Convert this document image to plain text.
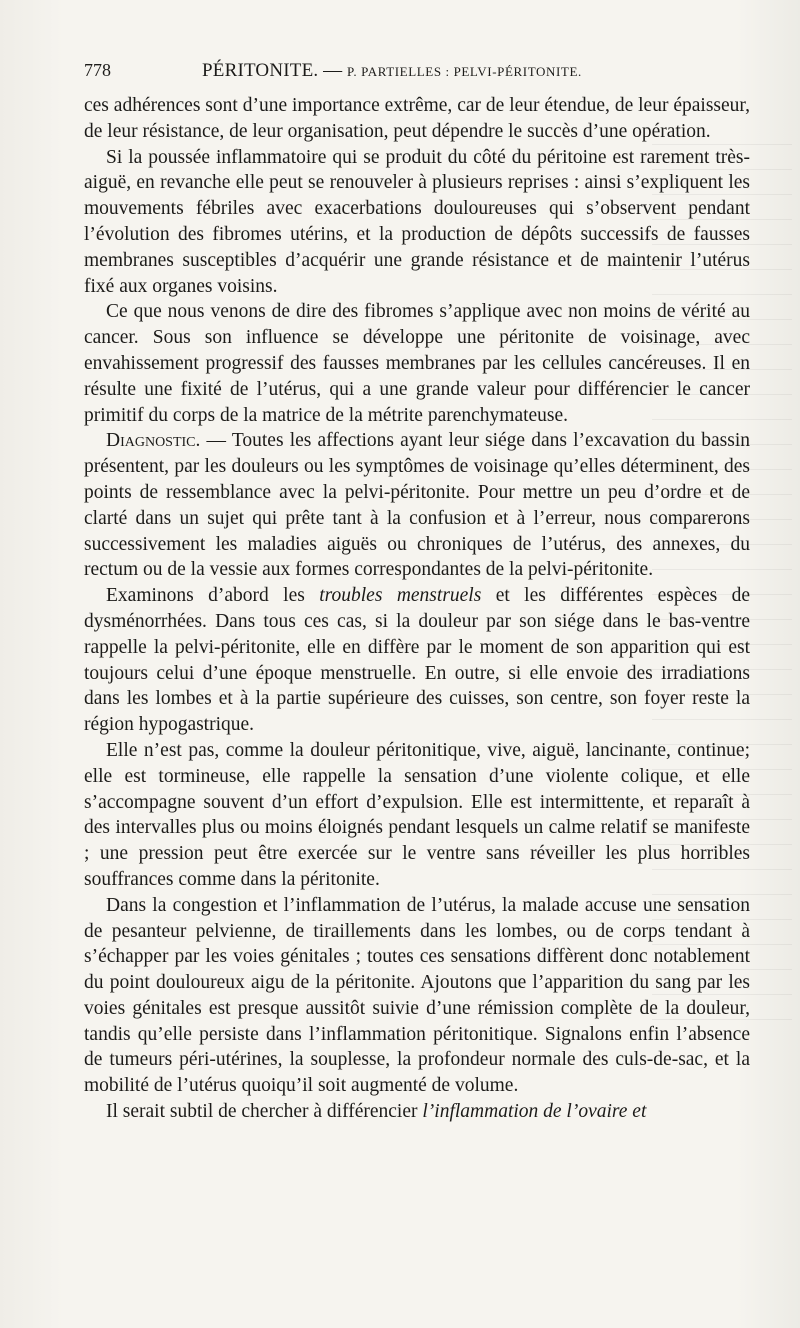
778	PÉRITONITE. — P. PARTIELLES : PELVI-PÉRITONITE.

ces adhérences sont d’une importance extrême, car de leur étendue, de leur épaisseur, de leur résistance, de leur organisation, peut dépendre le succès d’une opération.

Si la poussée inflammatoire qui se produit du côté du péritoine est rarement très-aiguë, en revanche elle peut se renouveler à plusieurs reprises : ainsi s’expliquent les mouvements fébriles avec exacerbations douloureuses qui s’observent pendant l’évolution des fibromes utérins, et la production de dépôts successifs de fausses membranes susceptibles d’acquérir une grande résistance et de maintenir l’utérus fixé aux organes voisins.

Ce que nous venons de dire des fibromes s’applique avec non moins de vérité au cancer. Sous son influence se développe une péritonite de voisinage, avec envahissement progressif des fausses membranes par les cellules cancéreuses. Il en résulte une fixité de l’utérus, qui a une grande valeur pour différencier le cancer primitif du corps de la matrice de la métrite parenchymateuse.

Diagnostic. — Toutes les affections ayant leur siége dans l’excavation du bassin présentent, par les douleurs ou les symptômes de voisinage qu’elles déterminent, des points de ressemblance avec la pelvi-péritonite. Pour mettre un peu d’ordre et de clarté dans un sujet qui prête tant à la confusion et à l’erreur, nous comparerons successivement les maladies aiguës ou chroniques de l’utérus, des annexes, du rectum ou de la vessie aux formes correspondantes de la pelvi-péritonite.

Examinons d’abord les troubles menstruels et les différentes espèces de dysménorrhées. Dans tous ces cas, si la douleur par son siége dans le bas-ventre rappelle la pelvi-péritonite, elle en diffère par le moment de son apparition qui est toujours celui d’une époque menstruelle. En outre, si elle envoie des irradiations dans les lombes et à la partie supérieure des cuisses, son centre, son foyer reste la région hypogastrique.

Elle n’est pas, comme la douleur péritonitique, vive, aiguë, lancinante, continue; elle est tormineuse, elle rappelle la sensation d’une violente colique, et elle s’accompagne souvent d’un effort d’expulsion. Elle est intermittente, et reparaît à des intervalles plus ou moins éloignés pendant lesquels un calme relatif se manifeste ; une pression peut être exercée sur le ventre sans réveiller les plus horribles souffrances comme dans la péritonite.

Dans la congestion et l’inflammation de l’utérus, la malade accuse une sensation de pesanteur pelvienne, de tiraillements dans les lombes, ou de corps tendant à s’échapper par les voies génitales ; toutes ces sensations diffèrent donc notablement du point douloureux aigu de la péritonite. Ajoutons que l’apparition du sang par les voies génitales est presque aussitôt suivie d’une rémission complète de la douleur, tandis qu’elle persiste dans l’inflammation péritonitique. Signalons enfin l’absence de tumeurs péri-utérines, la souplesse, la profondeur normale des culs-de-sac, et la mobilité de l’utérus quoiqu’il soit augmenté de volume.

Il serait subtil de chercher à différencier l’inflammation de l’ovaire et
